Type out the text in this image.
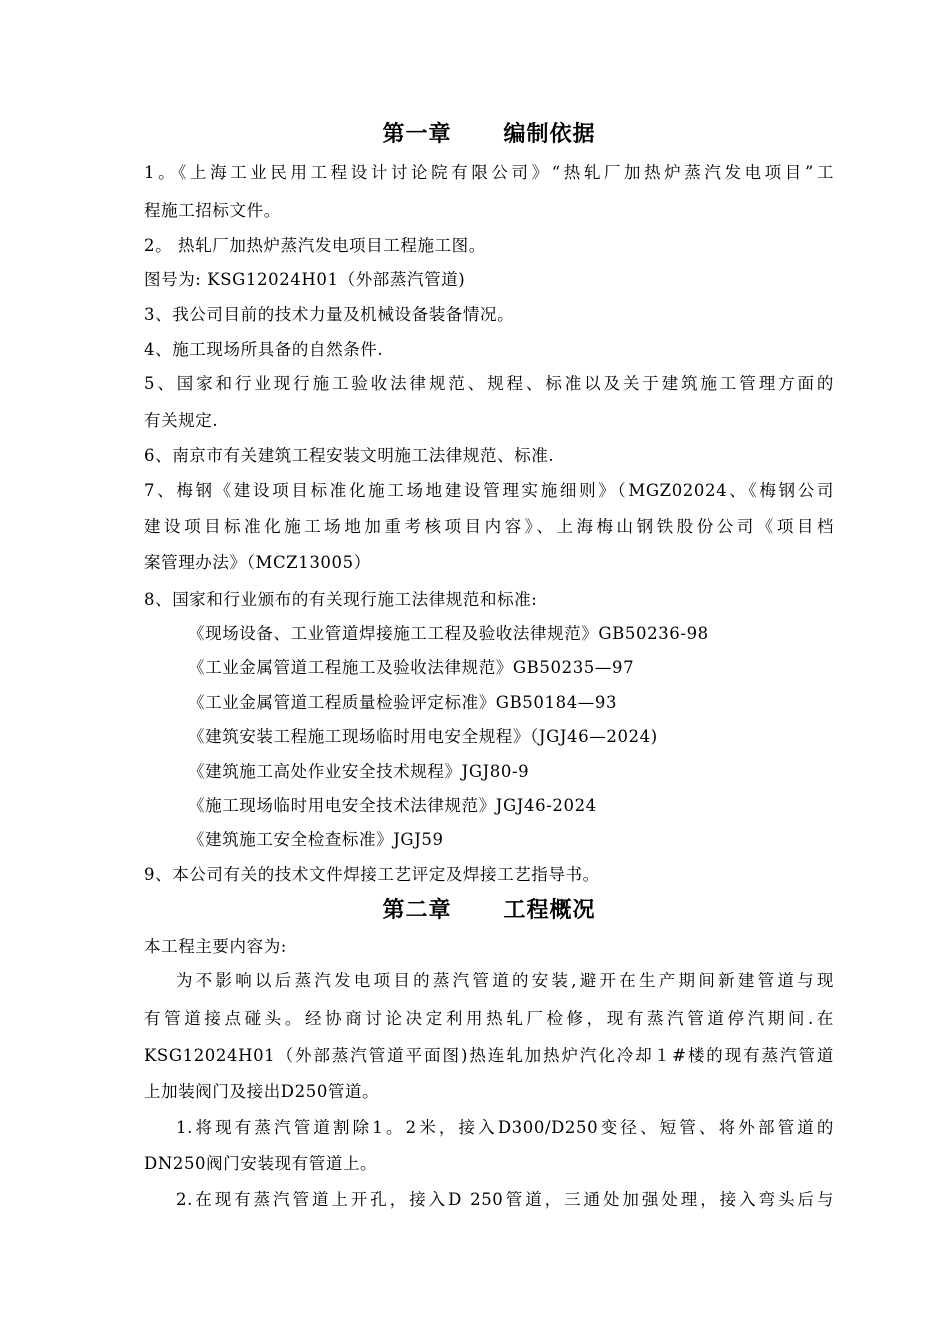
第一章      编制依据
1。《上海工业民用工程设计讨论院有限公司》“热轧厂加热炉蒸汽发电项目”工
程施工招标文件。
2。 热轧厂加热炉蒸汽发电项目工程施工图。
图号为: KSG12024H01（外部蒸汽管道)
3、我公司目前的技术力量及机械设备装备情况。
4、施工现场所具备的自然条件.
5、国家和行业现行施工验收法律规范、规程、标准以及关于建筑施工管理方面的
有关规定.
6、南京市有关建筑工程安装文明施工法律规范、标准.
7、梅钢《建设项目标准化施工场地建设管理实施细则》（MGZ02024、《梅钢公司
建设项目标准化施工场地加重考核项目内容》、上海梅山钢铁股份公司《项目档
案管理办法》（MCZ13005）
8、国家和行业颁布的有关现行施工法律规范和标准:
《现场设备、工业管道焊接施工工程及验收法律规范》GB50236-98
《工业金属管道工程施工及验收法律规范》GB50235—97
《工业金属管道工程质量检验评定标准》GB50184—93
《建筑安装工程施工现场临时用电安全规程》（JGJ46—2024)
《建筑施工高处作业安全技术规程》JGJ80-9
《施工现场临时用电安全技术法律规范》JGJ46-2024
《建筑施工安全检查标准》JGJ59
9、本公司有关的技术文件焊接工艺评定及焊接工艺指导书。
第二章      工程概况
本工程主要内容为:
为不影响以后蒸汽发电项目的蒸汽管道的安装,避开在生产期间新建管道与现
有管道接点碰头。经协商讨论决定利用热轧厂检修，现有蒸汽管道停汽期间.在
KSG12024H01（外部蒸汽管道平面图)热连轧加热炉汽化冷却１#楼的现有蒸汽管道
上加装阀门及接出D250管道。
1.将现有蒸汽管道割除1。2米，接入D300/D250变径、短管、将外部管道的
DN250阀门安装现有管道上。
2.在现有蒸汽管道上开孔，接入D 250管道，三通处加强处理，接入弯头后与
